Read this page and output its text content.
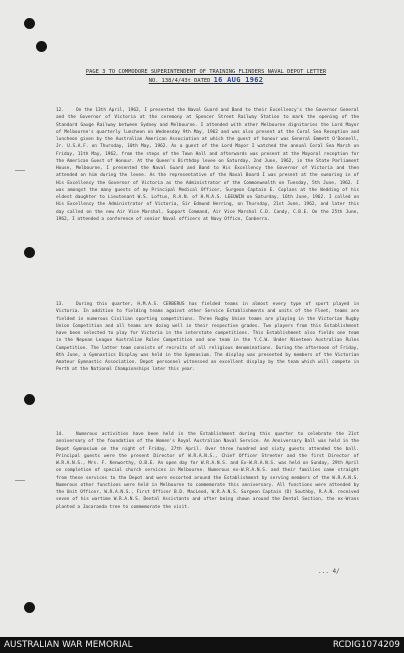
PAGE 3 TO COMMODORE SUPERINTENDENT OF TRAINING FLINDERS NAVAL DEPOT LETTER
NO. 138/4/43t DATED 16 AUG 1962
12.	On the 13th April, 1962, I presented the Naval Guard and Band to their Excellency's the Governor General and the Governor of Victoria at the ceremony at Spencer Street Railway Station to mark the opening of the Standard Gauge Railway between Sydney and Melbourne. I attended with other Melbourne dignitaries the Lord Mayor of Melbourne's quarterly luncheon on Wednesday 9th May, 1962 and was also present at the Coral Sea Reception and luncheon given by the Australian American Association at which the guest of honour was General Emmett O'Donnell, Jr. U.S.A.F. on Thursday, 10th May, 1962. As a guest of the Lord Mayor I watched the annual Coral Sea March on Friday, 11th May, 1962, from the steps of the Town Hall and afterwards was present at the Mayoral reception for the American Guest of Honour. At the Queen's Birthday levee on Saturday, 2nd June, 1962, in the State Parliament House, Melbourne, I presented the Naval Guard and Band to His Excellency the Governor of Victoria and then attended on him during the levee. As the representative of the Naval Board I was present at the swearing in of His Excellency the Governor of Victoria as the Administrator of the Commonwealth on Tuesday, 5th June, 1962. I was amongst the many guests of my Principal Medical Officer, Surgeon Captain E. Coplans at the Wedding of his eldest daughter to Lieutenant W.S. Loftus, R.A.N. of H.M.A.S. LEEUWIN on Saturday, 16th June, 1962. I called on His Excellency the Administrator of Victoria, Sir Edmund Herring, on Thursday, 21st June, 1962, and later this day called on the new Air Vice Marshal, Support Command, Air Vice Marshal C.D. Candy, C.B.E. On the 25th June, 1962, I attended a conference of senior Naval officers at Navy Office, Canberra.
13.	During this quarter, H.M.A.S. CERBERUS has fielded teams in almost every type of sport played in Victoria. In addition to fielding teams against other Service Establishments and units of the Fleet, teams are fielded in numerous Civilian sporting competitions. Three Rugby Union teams are playing in the Victorian Rugby Union Competition and all teams are doing well in their respective grades. Two players from this Establishment have been selected to play for Victoria in the interstate competitions. This Establishment also fields one team in the Nepean League Australian Rules Competition and one team in the Y.C.W. Under Nineteen Australian Rules Competition. The latter team consists of recruits of all religious denominations. During the afternoon of Friday, 8th June, a Gymnastics Display was held in the Gymnasium. The display was presented by members of the Victorian Amateur Gymnastic Association. Depot personnel witnessed an excellent display by the team which will compete in Perth at the National Championships later this year.
14.	Numerous activities have been held in the Establishment during this quarter to celebrate the 21st anniversary of the foundation of the Women's Royal Australian Naval Service. An Anniversary Ball was held in the Depot Gymnasium on the night of Friday, 27th April. Over three hundred and sixty guests attended the ball. Principal guests were the present Director of W.R.A.N.S., Chief Officer Streeter and the first Director of W.R.A.N.S., Mrs. F. Kenworthy, O.B.E. An open day for W.R.A.N.S. and Ex-W.R.A.N.S. was held on Sunday, 29th April on completion of special church services in Melbourne. Numerous ex-W.R.A.N.S. and their families came straight from these services to the Depot and were escorted around the Establishment by serving members of the W.R.A.N.S. Numerous other functions were held in Melbourne to commemorate this anniversary. All functions were attended by the Unit Officer, W.R.A.N.S., First Officer B.D. MacLeod, W.R.A.N.S. Surgeon Captain (D) Southby, R.A.N. received seven of his wartime W.R.A.N.S. Dental Assistants and after being shown around the Dental Section, the ex-Wrans planted a Jacaranda tree to commemorate the visit.
... 4/
AUSTRALIAN WAR MEMORIAL	RCDIG1074209
